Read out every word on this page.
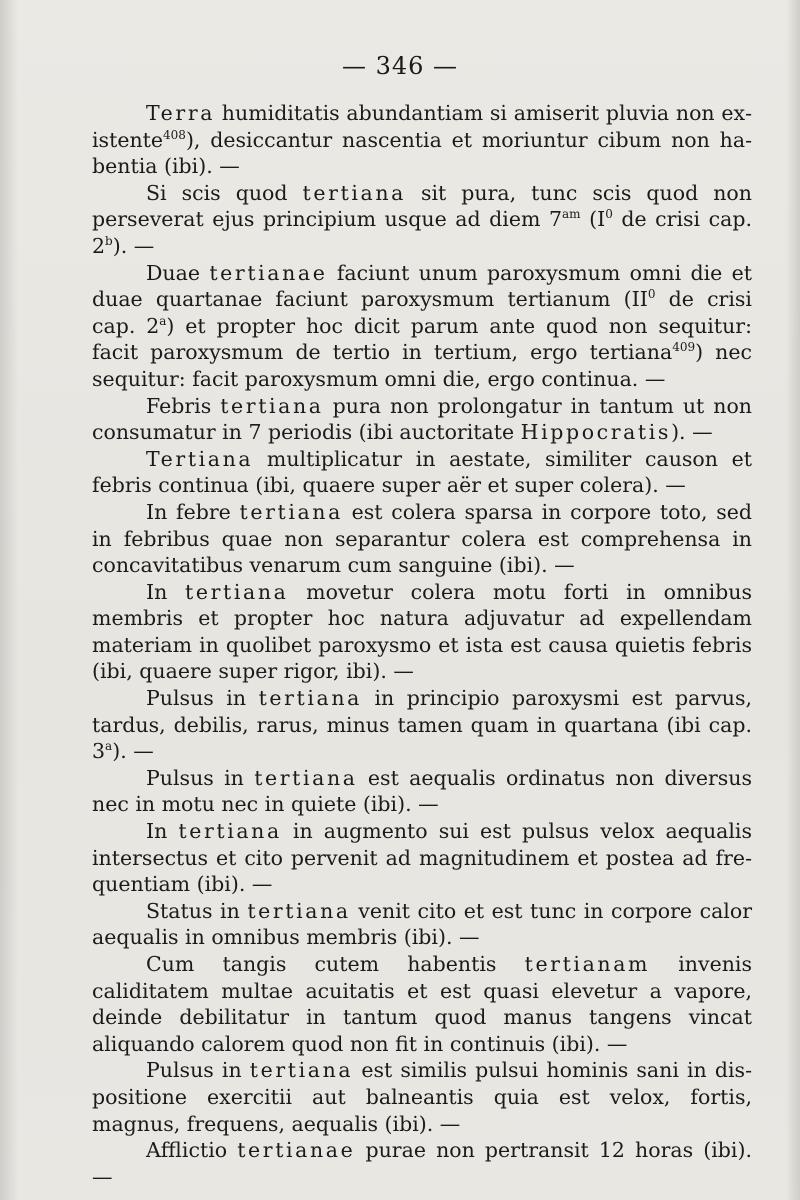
— 346 —

Terra humiditatis abundantiam si amiserit pluvia non existente$^{408}$), desiccantur nascentia et moriuntur cibum non habentia (ibi). —

Si scis quod tertiana sit pura, tunc scis quod non perseverat ejus principium usque ad diem $7^{am}$ ($I^0$ de crisi cap. 2$^b$). —

Duae tertianae faciunt unum paroxysmum omni die et duae quartanae faciunt paroxysmum tertianum ($II^0$ de crisi cap. 2$^a$) et propter hoc dicit parum ante quod non sequitur: facit paroxysmum de tertio in tertium, ergo tertiana$^{409}$) nec sequitur: facit paroxysmum omni die, ergo continua. —

Febris tertiana pura non prolongatur in tantum ut non consumatur in 7 periodis (ibi auctoritate Hippocratis). —

Tertiana multiplicatur in aestate, similiter causon et febris continua (ibi, quaere super aër et super colera). —

In febre tertiana est colera sparsa in corpore toto, sed in febribus quae non separantur colera est comprehensa in concavitatibus venarum cum sanguine (ibi). —

In tertiana movetur colera motu forti in omnibus membris et propter hoc natura adjuvatur ad expellendam materiam in quolibet paroxysmo et ista est causa quietis febris (ibi, quaere super rigor, ibi). —

Pulsus in tertiana in principio paroxysmi est parvus, tardus, debilis, rarus, minus tamen quam in quartana (ibi cap. 3$^a$). —

Pulsus in tertiana est aequalis ordinatus non diversus nec in motu nec in quiete (ibi). —

In tertiana in augmento sui est pulsus velox aequalis intersectus et cito pervenit ad magnitudinem et postea ad frequentiam (ibi). —

Status in tertiana venit cito et est tunc in corpore calor aequalis in omnibus membris (ibi). —

Cum tangis cutem habentis tertianam invenis caliditatem multae acuitatis et est quasi elevetur a vapore, deinde debilitatur in tantum quod manus tangens vincat aliquando calorem quod non fit in continuis (ibi). —

Pulsus in tertiana est similis pulsui hominis sani in dispositione exercitii aut balneantis quia est velox, fortis, magnus, frequens, aequalis (ibi). —

Afflictio tertianae purae non pertransit 12 horas (ibi). —
